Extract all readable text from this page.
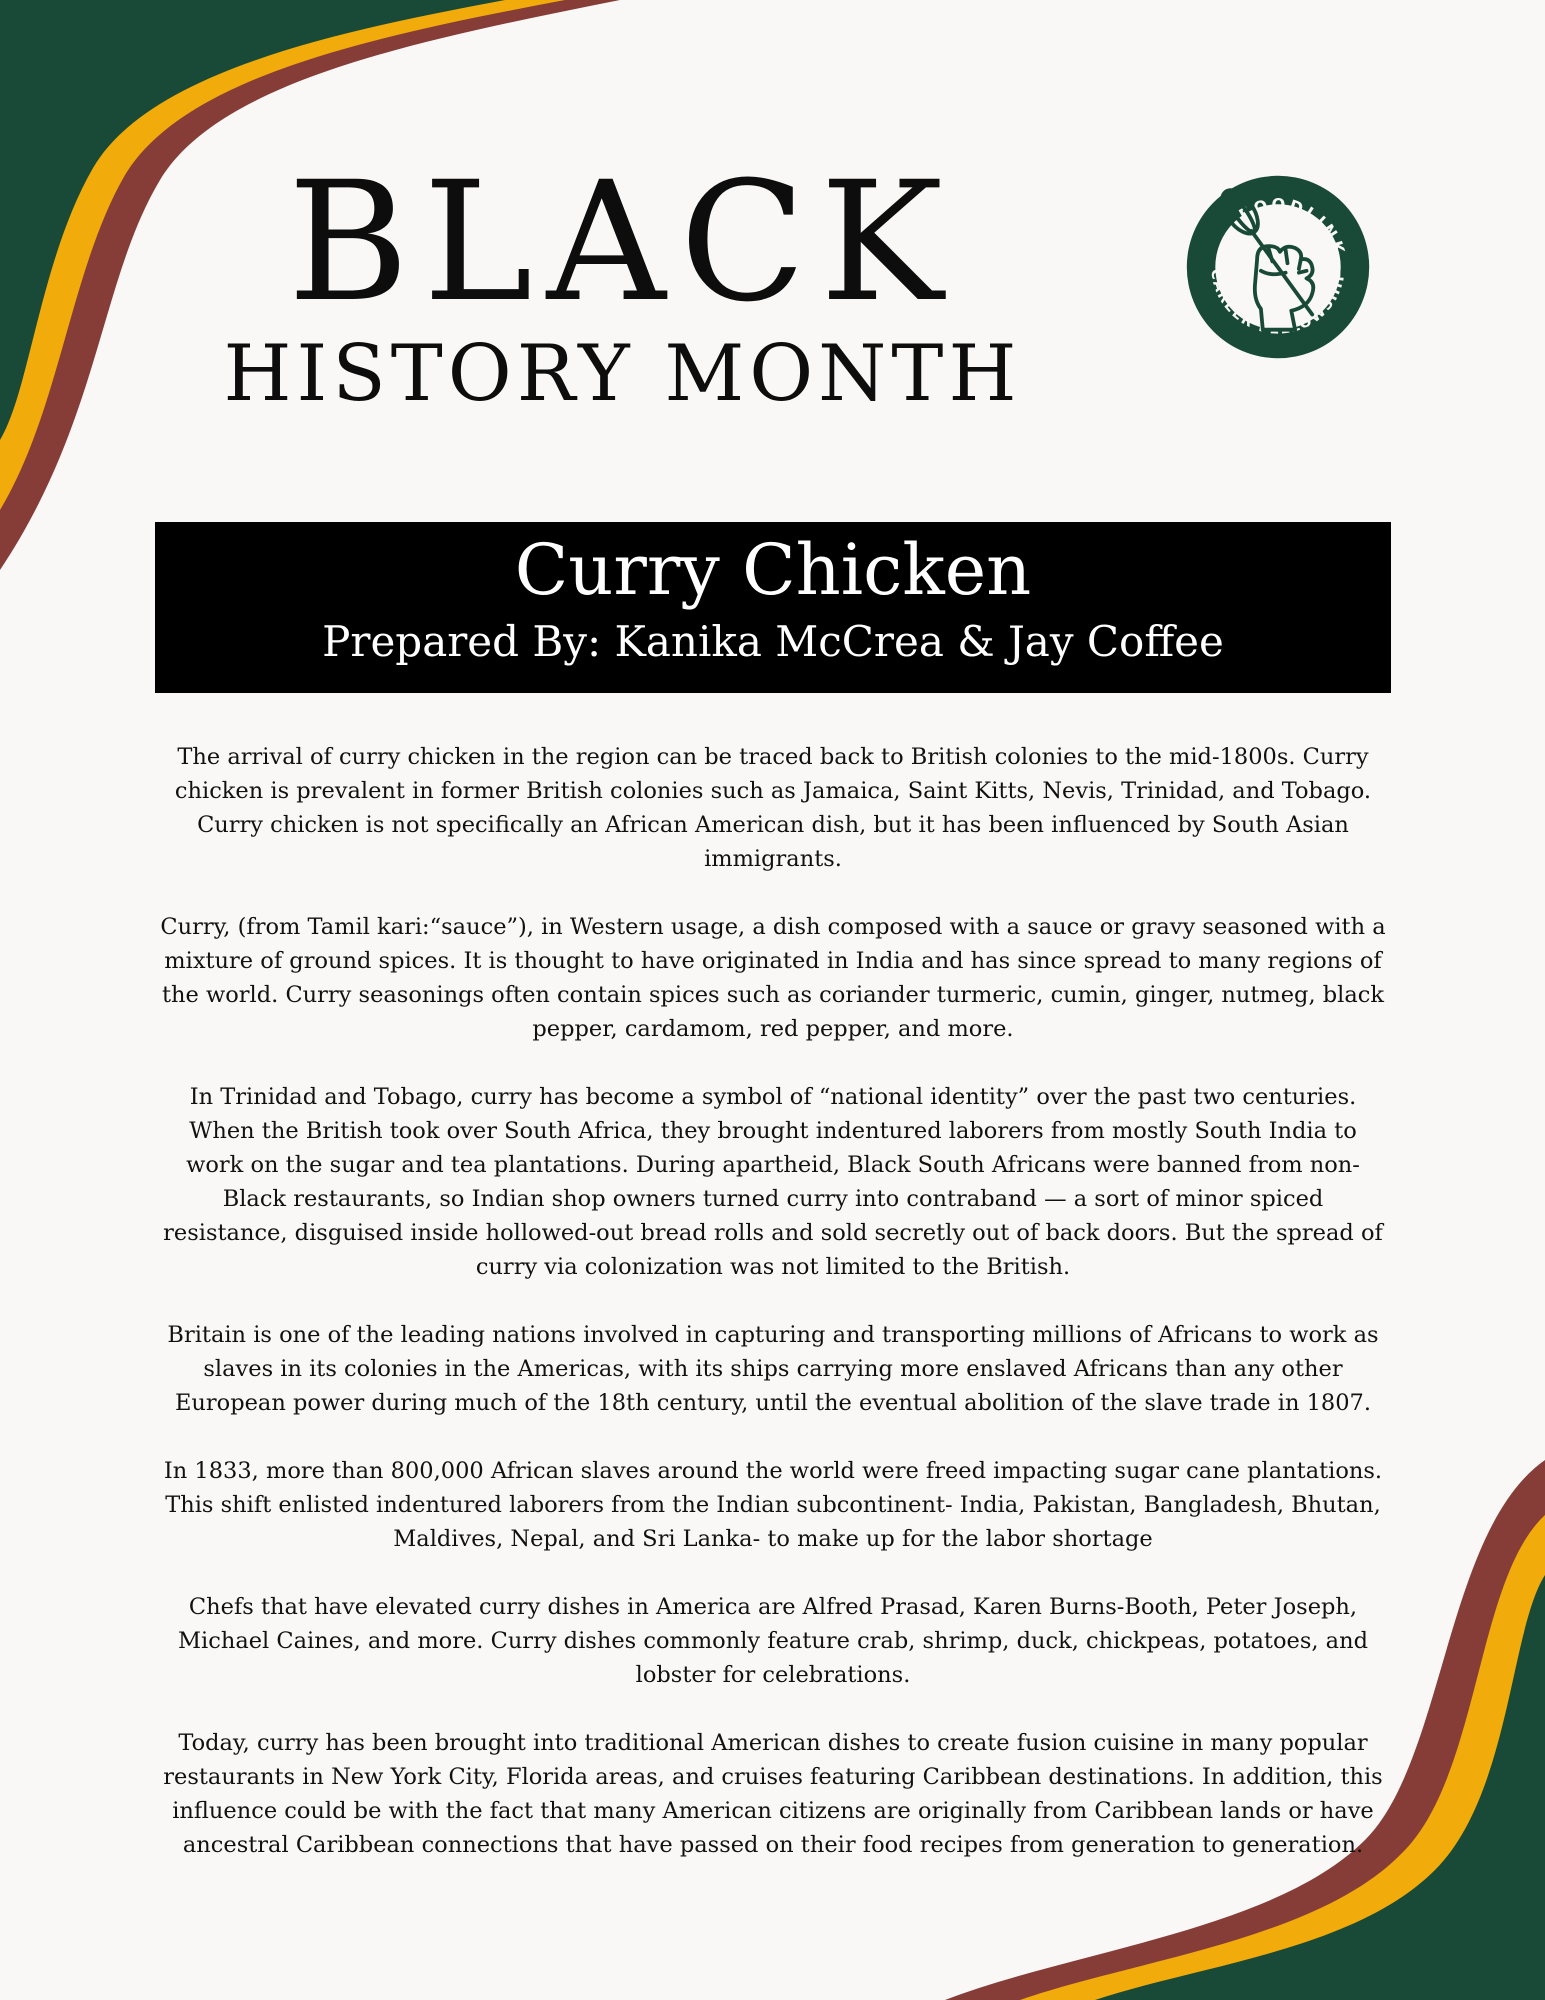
BLACK
HISTORY MONTH
FOODLINK
CAREER FELLOWSHIP
Curry Chicken
Prepared By: Kanika McCrea & Jay Coffee

The arrival of curry chicken in the region can be traced back to British colonies to the mid-1800s. Curry chicken is prevalent in former British colonies such as Jamaica, Saint Kitts, Nevis, Trinidad, and Tobago. Curry chicken is not specifically an African American dish, but it has been influenced by South Asian immigrants.

Curry, (from Tamil kari:“sauce”), in Western usage, a dish composed with a sauce or gravy seasoned with a mixture of ground spices. It is thought to have originated in India and has since spread to many regions of the world. Curry seasonings often contain spices such as coriander turmeric, cumin, ginger, nutmeg, black pepper, cardamom, red pepper, and more.

In Trinidad and Tobago, curry has become a symbol of “national identity” over the past two centuries. When the British took over South Africa, they brought indentured laborers from mostly South India to work on the sugar and tea plantations. During apartheid, Black South Africans were banned from non-Black restaurants, so Indian shop owners turned curry into contraband — a sort of minor spiced resistance, disguised inside hollowed-out bread rolls and sold secretly out of back doors. But the spread of curry via colonization was not limited to the British.

Britain is one of the leading nations involved in capturing and transporting millions of Africans to work as slaves in its colonies in the Americas, with its ships carrying more enslaved Africans than any other European power during much of the 18th century, until the eventual abolition of the slave trade in 1807.

In 1833, more than 800,000 African slaves around the world were freed impacting sugar cane plantations. This shift enlisted indentured laborers from the Indian subcontinent- India, Pakistan, Bangladesh, Bhutan, Maldives, Nepal, and Sri Lanka- to make up for the labor shortage

Chefs that have elevated curry dishes in America are Alfred Prasad, Karen Burns-Booth, Peter Joseph, Michael Caines, and more. Curry dishes commonly feature crab, shrimp, duck, chickpeas, potatoes, and lobster for celebrations.

Today, curry has been brought into traditional American dishes to create fusion cuisine in many popular restaurants in New York City, Florida areas, and cruises featuring Caribbean destinations. In addition, this influence could be with the fact that many American citizens are originally from Caribbean lands or have ancestral Caribbean connections that have passed on their food recipes from generation to generation.
